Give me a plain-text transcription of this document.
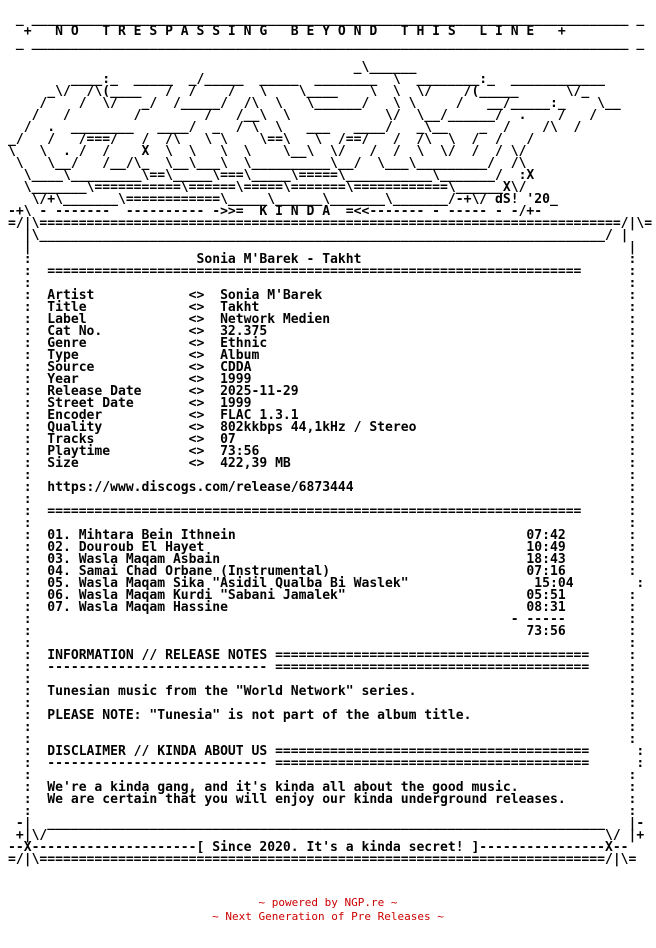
_ ____________________________________________________________________________ _
+   N O   T R E S P A S S I N G   B E Y O N D   T H I S   L I N E   +
_ ____________________________________________________________________________ _

_\______
____:_  _____  _/_____  _____  ________  \  ________:_  ____________
_\/  /\(____   /  /    /   \    \____    \  \  \/    /(_____      \/_
/    /  \/   _/  /_____/  /\  \   \______/   \ \     /   __/_____:_    \__
/   /        /        /   /__\  \            \/  \__/______/  .    /   /
/  .  ________   ____/  _  / \  \   ___   ____/   _\__    _  /    /\  /
_/   /   /===/   /  /\   \ \    \==\   \  /==/   /  /\  \  /  /   /
\   \  . /  /    X  \  \   \  \    \__\  \/   /  /  \  \/  /  / \/
\   \__/   /__/\_  \__\___\  \__________\__/  \___\_________/  /\
\____\_________\==\_____\===\_____\=====\___________\_______/  :X
\_______\===========\======\=====\=======\============\______X\/
\/+\_______\============\_____\______\_______\_______/-+\/ dS! '20_
-+\ - -------  ---------- ->>=  K I N D A  =<<------- - ----- - -/+-
=/|\==========================================================================/|\=
|\________________________________________________________________________/ |
|                                                                            |
:                     Sonia M'Barek - Takht                                  :
:  ====================================================================      :
:                                                                            :
:  Artist            <>  Sonia M'Barek                                       :
:  Title             <>  Takht                                               :
:  Label             <>  Network Medien                                      :
:  Cat No.           <>  32.375                                              :
:  Genre             <>  Ethnic                                              :
:  Type              <>  Album                                               :
:  Source            <>  CDDA                                                :
:  Year              <>  1999                                                :
:  Release Date      <>  2025-11-29                                          :
:  Street Date       <>  1999                                                :
:  Encoder           <>  FLAC 1.3.1                                          :
:  Quality           <>  802kkbps 44,1kHz / Stereo                           :
:  Tracks            <>  07                                                  :
:  Playtime          <>  73:56                                               :
:  Size              <>  422,39 MB                                           :
:                                                                            :
:  https://www.discogs.com/release/6873444                                   :
:                                                                            :
:  ====================================================================      :
:                                                                            :
:  01. Mihtara Bein Ithnein                                     07:42        :
:  02. Douroub El Hayet                                         10:49        :
:  03. Wasla Maqam Asbain                                       18:43        :
:  04. Samai Chad Orbane (Instrumental)                         07:16        :
:  05. Wasla Maqam Sika "Asidil Qualba Bi Waslek"                15:04        :
:  06. Wasla Maqam Kurdi "Sabani Jamalek"                       05:51        :
:  07. Wasla Maqam Hassine                                      08:31        :
:                                                             - -----        :
:                                                               73:56        :
:                                                                            :
:  INFORMATION // RELEASE NOTES ========================================     :
:  ---------------------------- ========================================     :
:                                                                            :
:  Tunesian music from the "World Network" series.                           :
:                                                                            :
:  PLEASE NOTE: "Tunesia" is not part of the album title.                    :
:                                                                            :
:                                                                            :
:  DISCLAIMER // KINDA ABOUT US ========================================      :
:  ---------------------------- ========================================      :
:                                                                            :
:  We're a kinda gang, and it's kinda all about the good music.              :
:  We are certain that you will enjoy our kinda underground releases.        :
:                                                                            :
-|  _______________________________________________________________________   |-
+|\/                                                                       \/ |+
--X---------------------[ Since 2020. It's a kinda secret! ]----------------X--
=/|\========================================================================/|\=
~ powered by NGP.re ~
~ Next Generation of Pre Releases ~
